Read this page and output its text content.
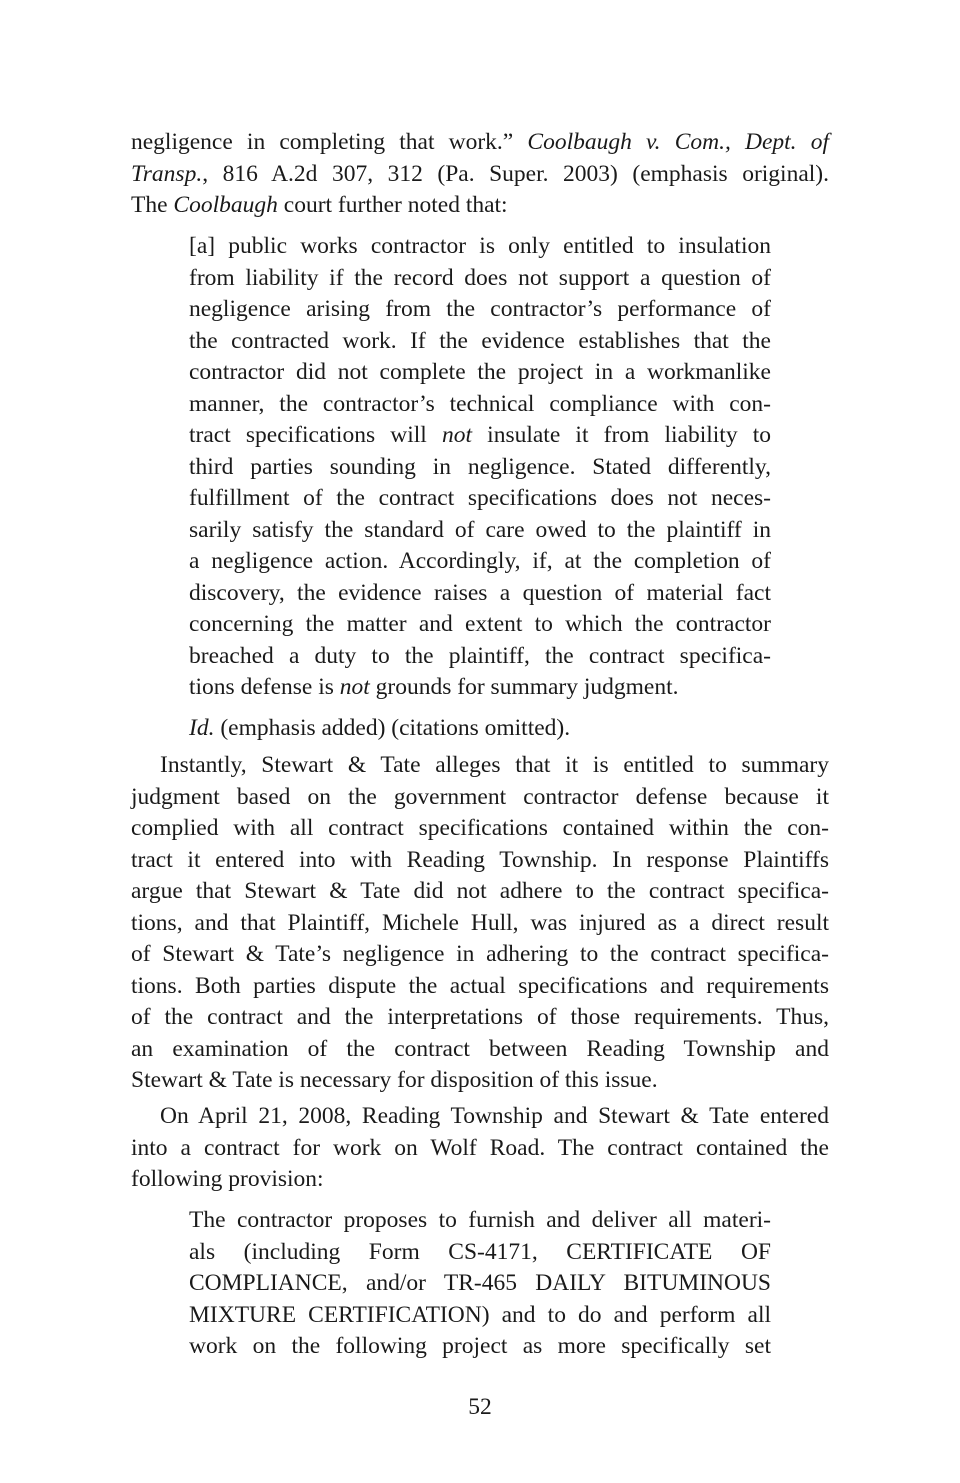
negligence in completing that work.” Coolbaugh v. Com., Dept. of
Transp., 816 A.2d 307, 312 (Pa. Super. 2003) (emphasis original).
The Coolbaugh court further noted that:
[a] public works contractor is only entitled to insulation
from liability if the record does not support a question of
negligence arising from the contractor’s performance of
the contracted work. If the evidence establishes that the
contractor did not complete the project in a workmanlike
manner, the contractor’s technical compliance with con-
tract specifications will not insulate it from liability to
third parties sounding in negligence. Stated differently,
fulfillment of the contract specifications does not neces-
sarily satisfy the standard of care owed to the plaintiff in
a negligence action. Accordingly, if, at the completion of
discovery, the evidence raises a question of material fact
concerning the matter and extent to which the contractor
breached a duty to the plaintiff, the contract specifica-
tions defense is not grounds for summary judgment.
Id. (emphasis added) (citations omitted).
Instantly, Stewart & Tate alleges that it is entitled to summary
judgment based on the government contractor defense because it
complied with all contract specifications contained within the con-
tract it entered into with Reading Township. In response Plaintiffs
argue that Stewart & Tate did not adhere to the contract specifica-
tions, and that Plaintiff, Michele Hull, was injured as a direct result
of Stewart & Tate’s negligence in adhering to the contract specifica-
tions. Both parties dispute the actual specifications and requirements
of the contract and the interpretations of those requirements. Thus,
an examination of the contract between Reading Township and
Stewart & Tate is necessary for disposition of this issue.
On April 21, 2008, Reading Township and Stewart & Tate entered
into a contract for work on Wolf Road. The contract contained the
following provision:
The contractor proposes to furnish and deliver all materi-
als (including Form CS-4171, CERTIFICATE OF
COMPLIANCE, and/or TR-465 DAILY BITUMINOUS
MIXTURE CERTIFICATION) and to do and perform all
work on the following project as more specifically set
52
